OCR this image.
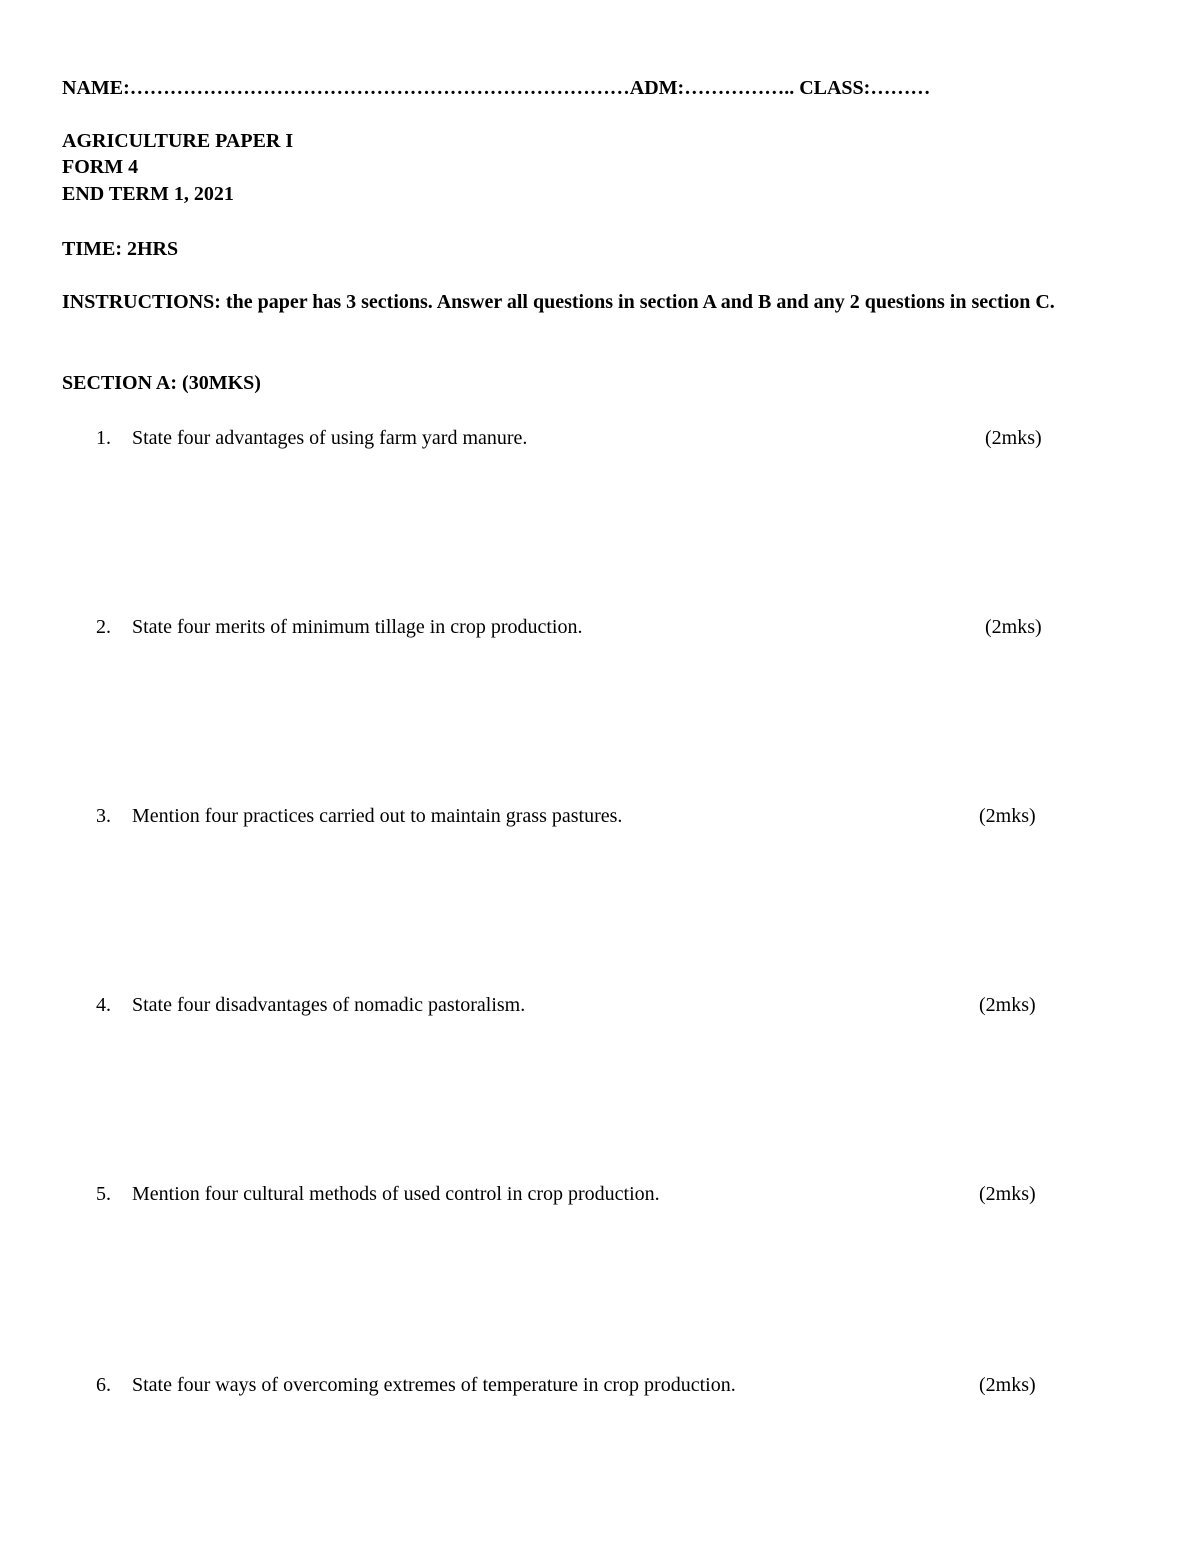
NAME:…………………………………………………………………ADM:…………….. CLASS:………
AGRICULTURE PAPER I
FORM 4
END TERM 1, 2021
TIME: 2HRS
INSTRUCTIONS: the paper has 3 sections. Answer all questions in section A and B and any 2 questions in section C.
SECTION A: (30MKS)
1. State four advantages of using farm yard manure.	(2mks)
2. State four merits of minimum tillage in crop production.	(2mks)
3. Mention four practices carried out to maintain grass pastures.	(2mks)
4. State four disadvantages of nomadic pastoralism.	(2mks)
5. Mention four cultural methods of used control in crop production.	(2mks)
6. State four ways of overcoming extremes of temperature in crop production.	(2mks)
